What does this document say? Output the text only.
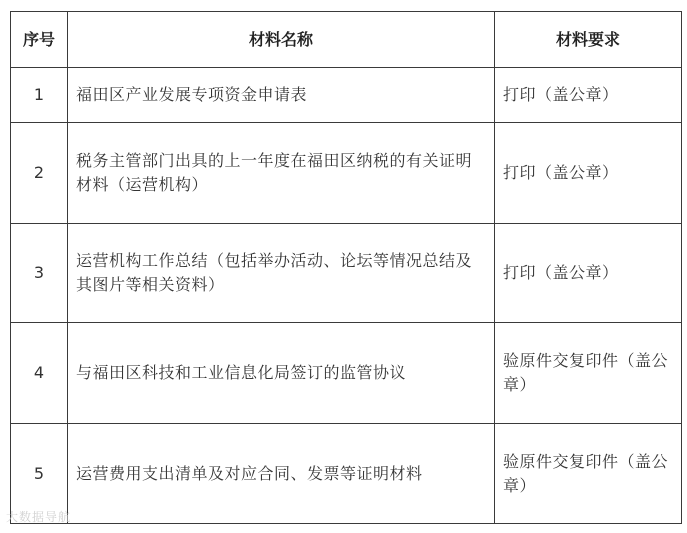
序号	材料名称	材料要求
1	福田区产业发展专项资金申请表	打印（盖公章）
2	税务主管部门出具的上一年度在福田区纳税的有关证明材料（运营机构）	打印（盖公章）
3	运营机构工作总结（包括举办活动、论坛等情况总结及其图片等相关资料）	打印（盖公章）
4	与福田区科技和工业信息化局签订的监管协议	验原件交复印件（盖公章）
5	运营费用支出清单及对应合同、发票等证明材料	验原件交复印件（盖公章）
大数据导航
